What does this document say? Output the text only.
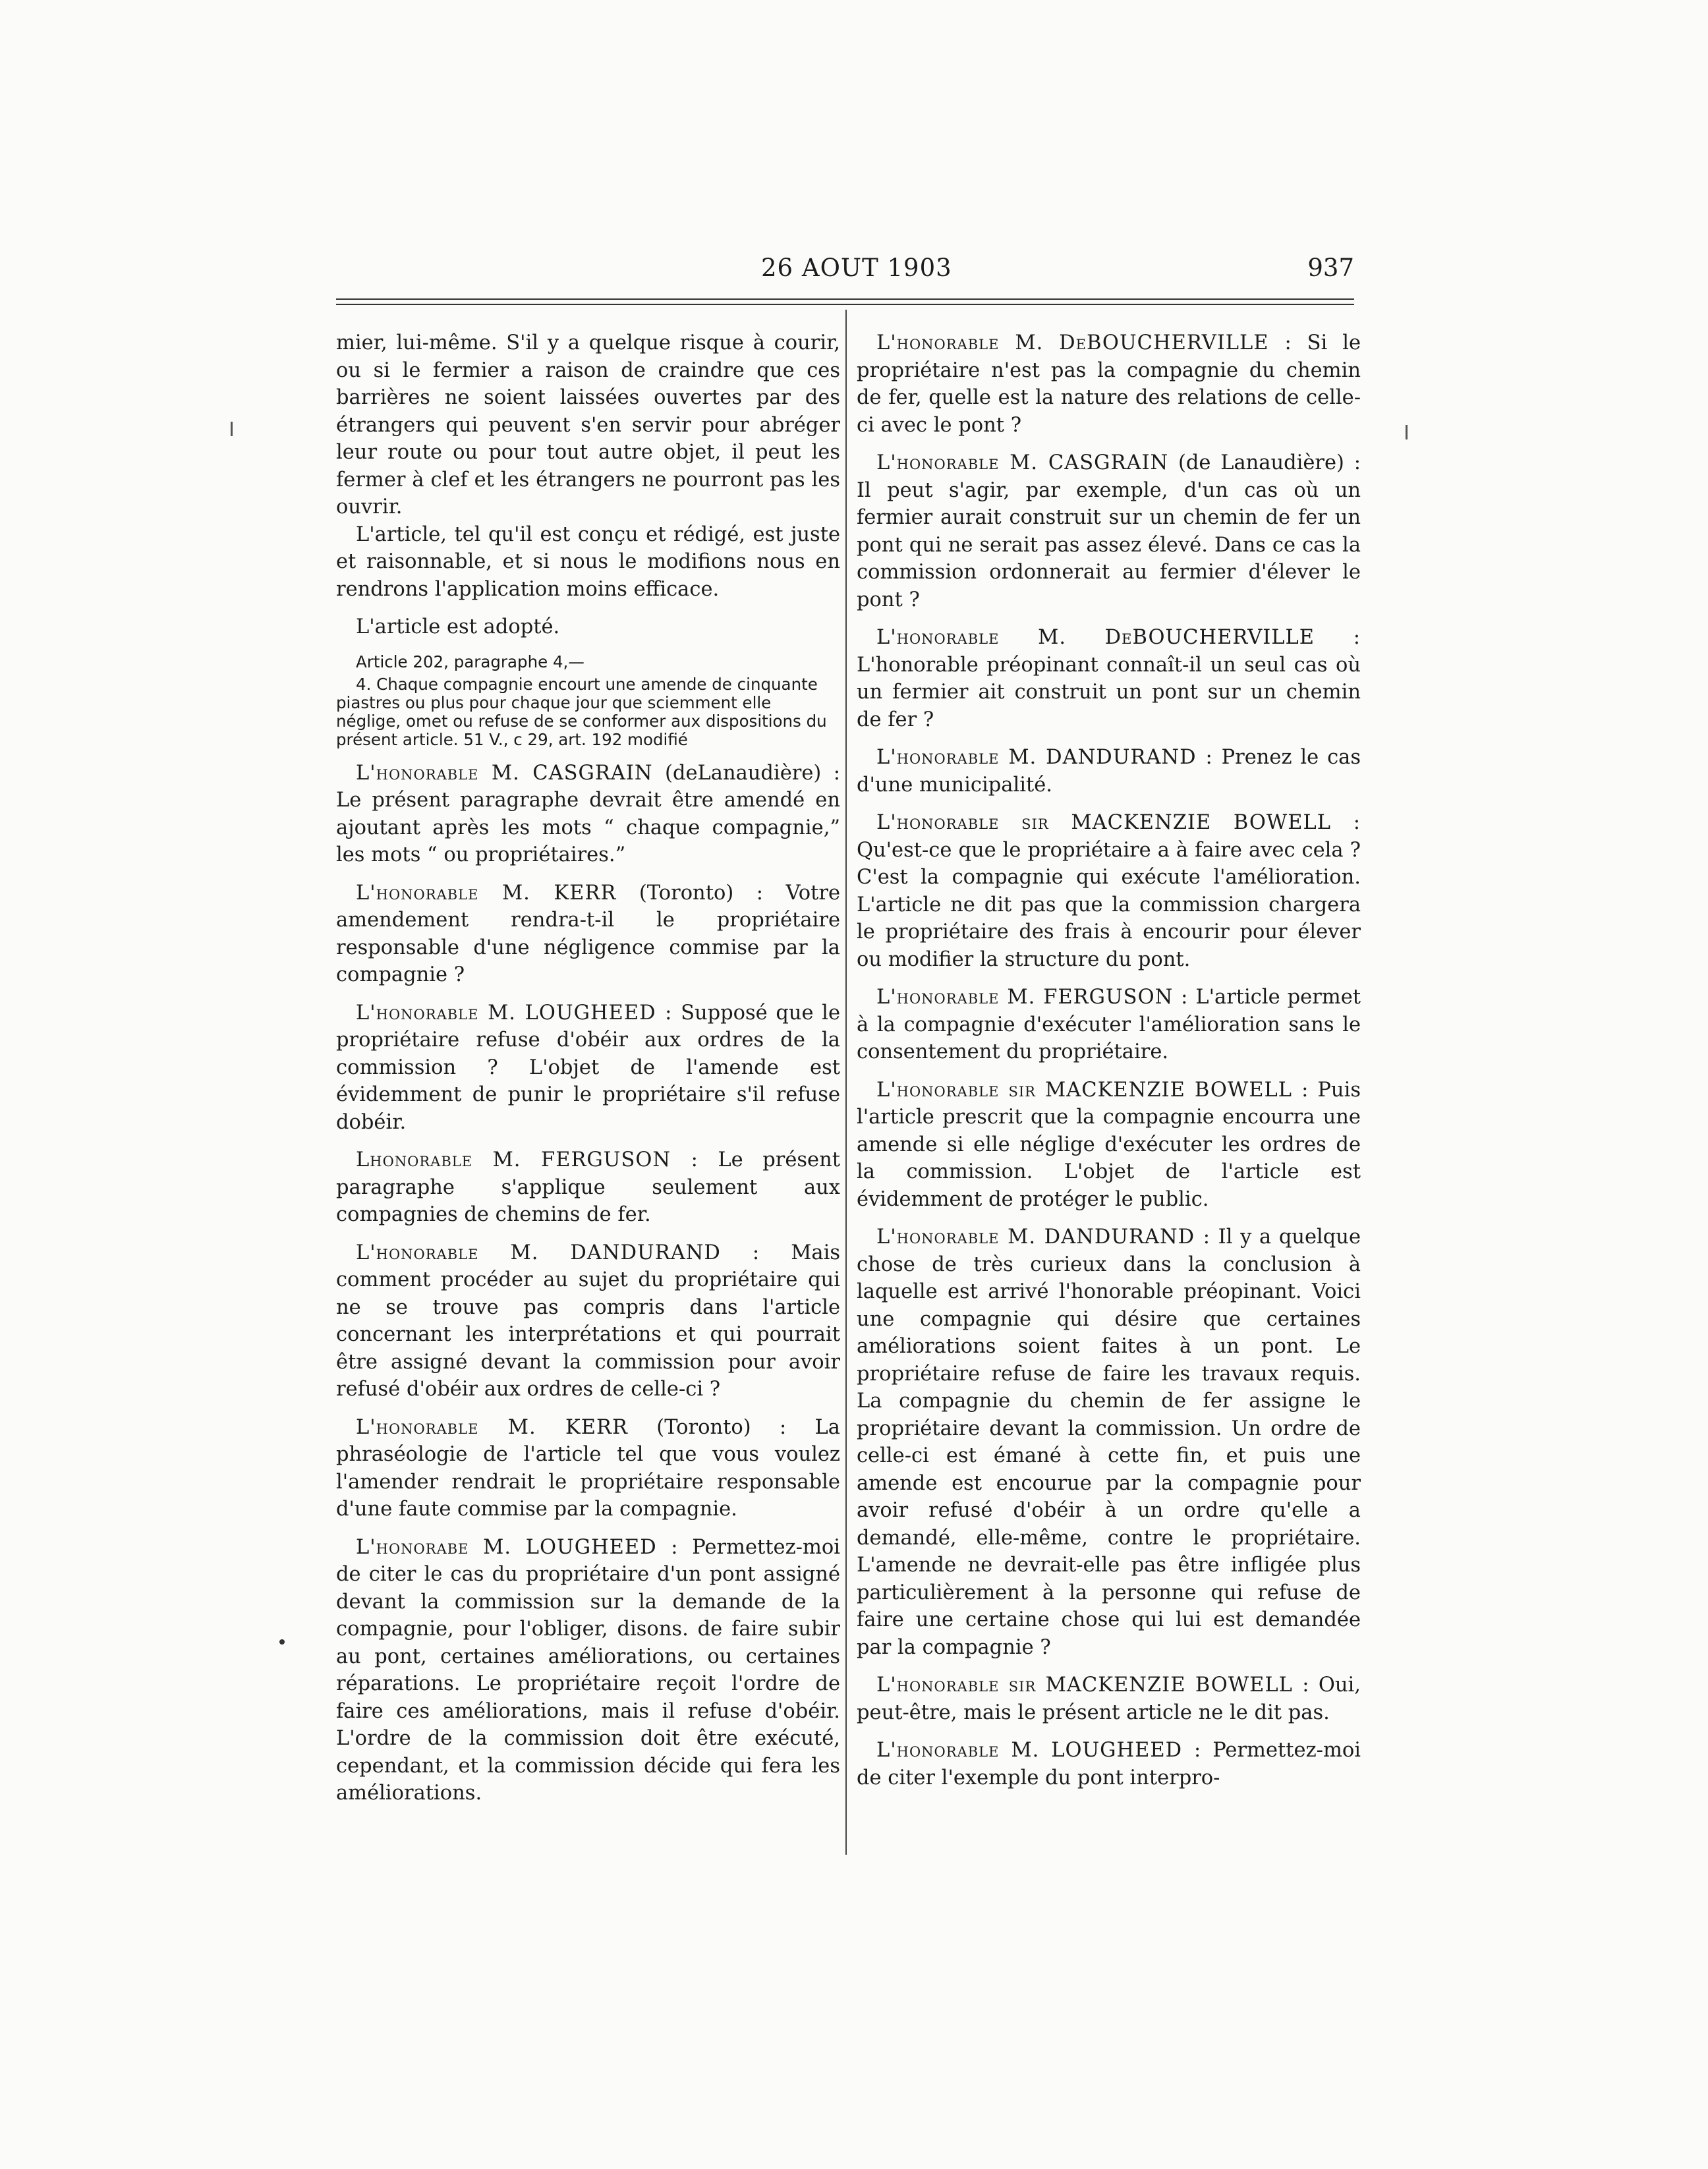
26 AOUT 1903	937

mier, lui-même. S'il y a quelque risque à courir, ou si le fermier a raison de craindre que ces barrières ne soient laissées ouvertes par des étrangers qui peuvent s'en servir pour abréger leur route ou pour tout autre objet, il peut les fermer à clef et les étrangers ne pourront pas les ouvrir.

L'article, tel qu'il est conçu et rédigé, est juste et raisonnable, et si nous le modifions nous en rendrons l'application moins efficace.

L'article est adopté.

Article 202, paragraphe 4,—
4. Chaque compagnie encourt une amende de cinquante piastres ou plus pour chaque jour que sciemment elle néglige, omet ou refuse de se conformer aux dispositions du présent article. 51 V., c 29, art. 192 modifié

L'honorable M. CASGRAIN (deLanaudière) : Le présent paragraphe devrait être amendé en ajoutant après les mots “ chaque compagnie,” les mots “ ou propriétaires.”

L'honorable M. KERR (Toronto) : Votre amendement rendra-t-il le propriétaire responsable d'une négligence commise par la compagnie ?

L'honorable M. LOUGHEED : Supposé que le propriétaire refuse d'obéir aux ordres de la commission ? L'objet de l'amende est évidemment de punir le propriétaire s'il refuse dobéir.

Lhonorable M. FERGUSON : Le présent paragraphe s'applique seulement aux compagnies de chemins de fer.

L'honorable M. DANDURAND : Mais comment procéder au sujet du propriétaire qui ne se trouve pas compris dans l'article concernant les interprétations et qui pourrait être assigné devant la commission pour avoir refusé d'obéir aux ordres de celle-ci ?

L'honorable M. KERR (Toronto) : La phraséologie de l'article tel que vous voulez l'amender rendrait le propriétaire responsable d'une faute commise par la compagnie.

L'honorabe M. LOUGHEED : Permettez-moi de citer le cas du propriétaire d'un pont assigné devant la commission sur la demande de la compagnie, pour l'obliger, disons. de faire subir au pont, certaines améliorations, ou certaines réparations. Le propriétaire reçoit l'ordre de faire ces améliorations, mais il refuse d'obéir. L'ordre de la commission doit être exécuté, cependant, et la commission décide qui fera les améliorations.

L'honorable M. DeBOUCHERVILLE : Si le propriétaire n'est pas la compagnie du chemin de fer, quelle est la nature des relations de celle-ci avec le pont ?

L'honorable M. CASGRAIN (de Lanaudière) : Il peut s'agir, par exemple, d'un cas où un fermier aurait construit sur un chemin de fer un pont qui ne serait pas assez élevé. Dans ce cas la commission ordonnerait au fermier d'élever le pont ?

L'honorable M. DeBOUCHERVILLE : L'honorable préopinant connaît-il un seul cas où un fermier ait construit un pont sur un chemin de fer ?

L'honorable M. DANDURAND : Prenez le cas d'une municipalité.

L'honorable sir MACKENZIE BOWELL : Qu'est-ce que le propriétaire a à faire avec cela ? C'est la compagnie qui exécute l'amélioration. L'article ne dit pas que la commission chargera le propriétaire des frais à encourir pour élever ou modifier la structure du pont.

L'honorable M. FERGUSON : L'article permet à la compagnie d'exécuter l'amélioration sans le consentement du propriétaire.

L'honorable sir MACKENZIE BOWELL : Puis l'article prescrit que la compagnie encourra une amende si elle néglige d'exécuter les ordres de la commission. L'objet de l'article est évidemment de protéger le public.

L'honorable M. DANDURAND : Il y a quelque chose de très curieux dans la conclusion à laquelle est arrivé l'honorable préopinant. Voici une compagnie qui désire que certaines améliorations soient faites à un pont. Le propriétaire refuse de faire les travaux requis. La compagnie du chemin de fer assigne le propriétaire devant la commission. Un ordre de celle-ci est émané à cette fin, et puis une amende est encourue par la compagnie pour avoir refusé d'obéir à un ordre qu'elle a demandé, elle-même, contre le propriétaire. L'amende ne devrait-elle pas être infligée plus particulièrement à la personne qui refuse de faire une certaine chose qui lui est demandée par la compagnie ?

L'honorable sir MACKENZIE BOWELL : Oui, peut-être, mais le présent article ne le dit pas.

L'honorable M. LOUGHEED : Permettez-moi de citer l'exemple du pont interpro-
